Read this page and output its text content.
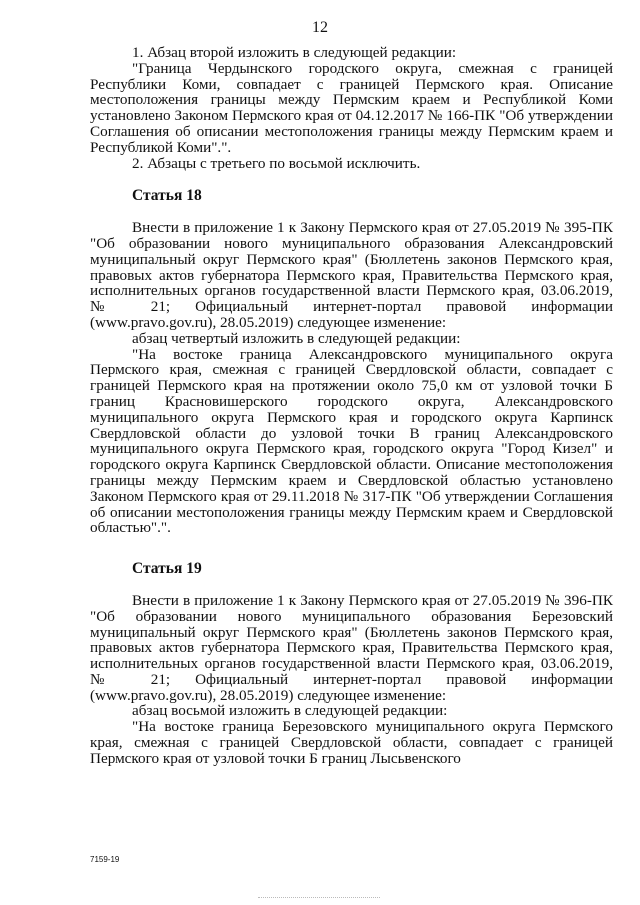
12
1. Абзац второй изложить в следующей редакции:
"Граница Чердынского городского округа, смежная с границей Республики Коми, совпадает с границей Пермского края. Описание местоположения границы между Пермским краем и Республикой Коми установлено Законом Пермского края от 04.12.2017 № 166-ПК "Об утверждении Соглашения об описании местоположения границы между Пермским краем и Республикой Коми".".
2. Абзацы с третьего по восьмой исключить.
Статья 18
Внести в приложение 1 к Закону Пермского края от 27.05.2019 № 395-ПК "Об образовании нового муниципального образования Александровский муниципальный округ Пермского края" (Бюллетень законов Пермского края, правовых актов губернатора Пермского края, Правительства Пермского края, исполнительных органов государственной власти Пермского края, 03.06.2019, № 21; Официальный интернет-портал правовой информации (www.pravo.gov.ru), 28.05.2019) следующее изменение:
абзац четвертый изложить в следующей редакции:
"На востоке граница Александровского муниципального округа Пермского края, смежная с границей Свердловской области, совпадает с границей Пермского края на протяжении около 75,0 км от узловой точки Б границ Красновишерского городского округа, Александровского муниципального округа Пермского края и городского округа Карпинск Свердловской области до узловой точки В границ Александровского муниципального округа Пермского края, городского округа "Город Кизел" и городского округа Карпинск Свердловской области. Описание местоположения границы между Пермским краем и Свердловской областью установлено Законом Пермского края от 29.11.2018 № 317-ПК "Об утверждении Соглашения об описании местоположения границы между Пермским краем и Свердловской областью".".
Статья 19
Внести в приложение 1 к Закону Пермского края от 27.05.2019 № 396-ПК "Об образовании нового муниципального образования Березовский муниципальный округ Пермского края" (Бюллетень законов Пермского края, правовых актов губернатора Пермского края, Правительства Пермского края, исполнительных органов государственной власти Пермского края, 03.06.2019, № 21; Официальный интернет-портал правовой информации (www.pravo.gov.ru), 28.05.2019) следующее изменение:
абзац восьмой изложить в следующей редакции:
"На востоке граница Березовского муниципального округа Пермского края, смежная с границей Свердловской области, совпадает с границей Пермского края от узловой точки Б границ Лысьвенского
7159-19
